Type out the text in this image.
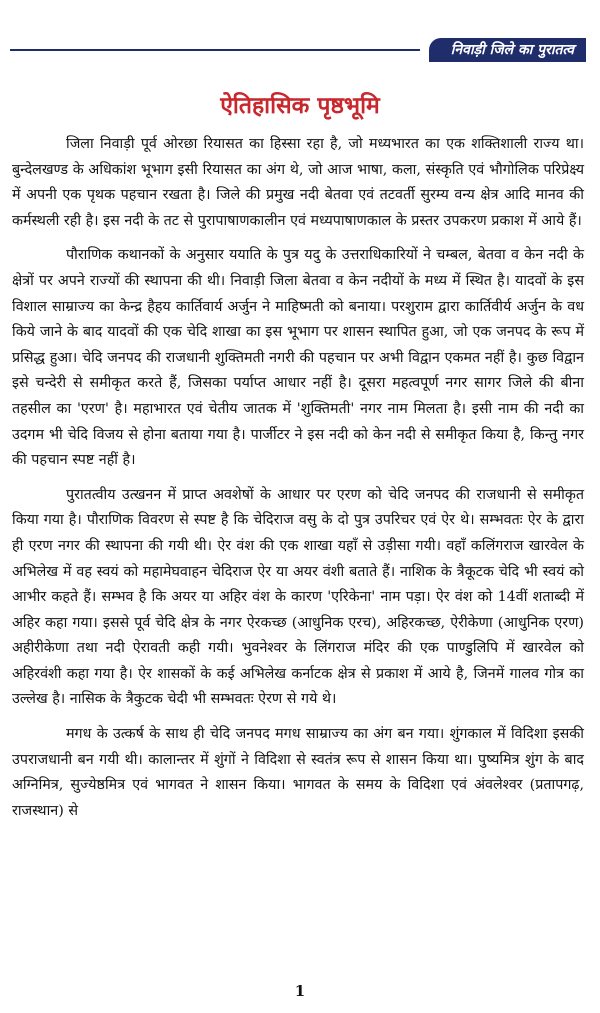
निवाड़ी जिले का पुरातत्व
ऐतिहासिक पृष्ठभूमि

जिला निवाड़ी पूर्व ओरछा रियासत का हिस्सा रहा है, जो मध्यभारत का एक शक्तिशाली राज्य था। बुन्देलखण्ड के अधिकांश भूभाग इसी रियासत का अंग थे, जो आज भाषा, कला, संस्कृति एवं भौगोलिक परिप्रेक्ष्य में अपनी एक पृथक पहचान रखता है। जिले की प्रमुख नदी बेतवा एवं तटवर्ती सुरम्य वन्य क्षेत्र आदि मानव की कर्मस्थली रही है। इस नदी के तट से पुरापाषाणकालीन एवं मध्यपाषाणकाल के प्रस्तर उपकरण प्रकाश में आये हैं।

पौराणिक कथानकों के अनुसार ययाति के पुत्र यदु के उत्तराधिकारियों ने चम्बल, बेतवा व केन नदी के क्षेत्रों पर अपने राज्यों की स्थापना की थी। निवाड़ी जिला बेतवा व केन नदीयों के मध्य में स्थित है। यादवों के इस विशाल साम्राज्य का केन्द्र हैहय कार्तिवार्य अर्जुन ने माहिष्मती को बनाया। परशुराम द्वारा कार्तिवीर्य अर्जुन के वध किये जाने के बाद यादवों की एक चेदि शाखा का इस भूभाग पर शासन स्थापित हुआ, जो एक जनपद के रूप में प्रसिद्ध हुआ। चेदि जनपद की राजधानी शुक्तिमती नगरी की पहचान पर अभी विद्वान एकमत नहीं है। कुछ विद्वान इसे चन्देरी से समीकृत करते हैं, जिसका पर्याप्त आधार नहीं है। दूसरा महत्वपूर्ण नगर सागर जिले की बीना तहसील का 'एरण' है। महाभारत एवं चेतीय जातक में 'शुक्तिमती' नगर नाम मिलता है। इसी नाम की नदी का उदगम भी चेदि विजय से होना बताया गया है। पार्जीटर ने इस नदी को केन नदी से समीकृत किया है, किन्तु नगर की पहचान स्पष्ट नहीं है।

पुरातत्वीय उत्खनन में प्राप्त अवशेषों के आधार पर एरण को चेदि जनपद की राजधानी से समीकृत किया गया है। पौराणिक विवरण से स्पष्ट है कि चेदिराज वसु के दो पुत्र उपरिचर एवं ऐर थे। सम्भवतः ऐर के द्वारा ही एरण नगर की स्थापना की गयी थी। ऐर वंश की एक शाखा यहाँ से उड़ीसा गयी। वहाँ कलिंगराज खारवेल के अभिलेख में वह स्वयं को महामेघवाहन चेदिराज ऐर या अयर वंशी बताते हैं। नाशिक के त्रैकूटक चेदि भी स्वयं को आभीर कहते हैं। सम्भव है कि अयर या अहिर वंश के कारण 'एरिकेना' नाम पड़ा। ऐर वंश को 14वीं शताब्दी में अहिर कहा गया। इससे पूर्व चेदि क्षेत्र के नगर ऐरकच्छ (आधुनिक एरच), अहिरकच्छ, ऐरीकेणा (आधुनिक एरण) अहीरीकेणा तथा नदी ऐरावती कही गयी। भुवनेश्वर के लिंगराज मंदिर की एक पाण्डुलिपि में खारवेल को अहिरवंशी कहा गया है। ऐर शासकों के कई अभिलेख कर्नाटक क्षेत्र से प्रकाश में आये है, जिनमें गालव गोत्र का उल्लेख है। नासिक के त्रैकुटक चेदी भी सम्भवतः ऐरण से गये थे।

मगध के उत्कर्ष के साथ ही चेदि जनपद मगध साम्राज्य का अंग बन गया। शुंगकाल में विदिशा इसकी उपराजधानी बन गयी थी। कालान्तर में शुंगों ने विदिशा से स्वतंत्र रूप से शासन किया था। पुष्यमित्र शुंग के बाद अग्निमित्र, सुज्येष्ठमित्र एवं भागवत ने शासन किया। भागवत के समय के विदिशा एवं अंवलेश्वर (प्रतापगढ़, राजस्थान) से

1
